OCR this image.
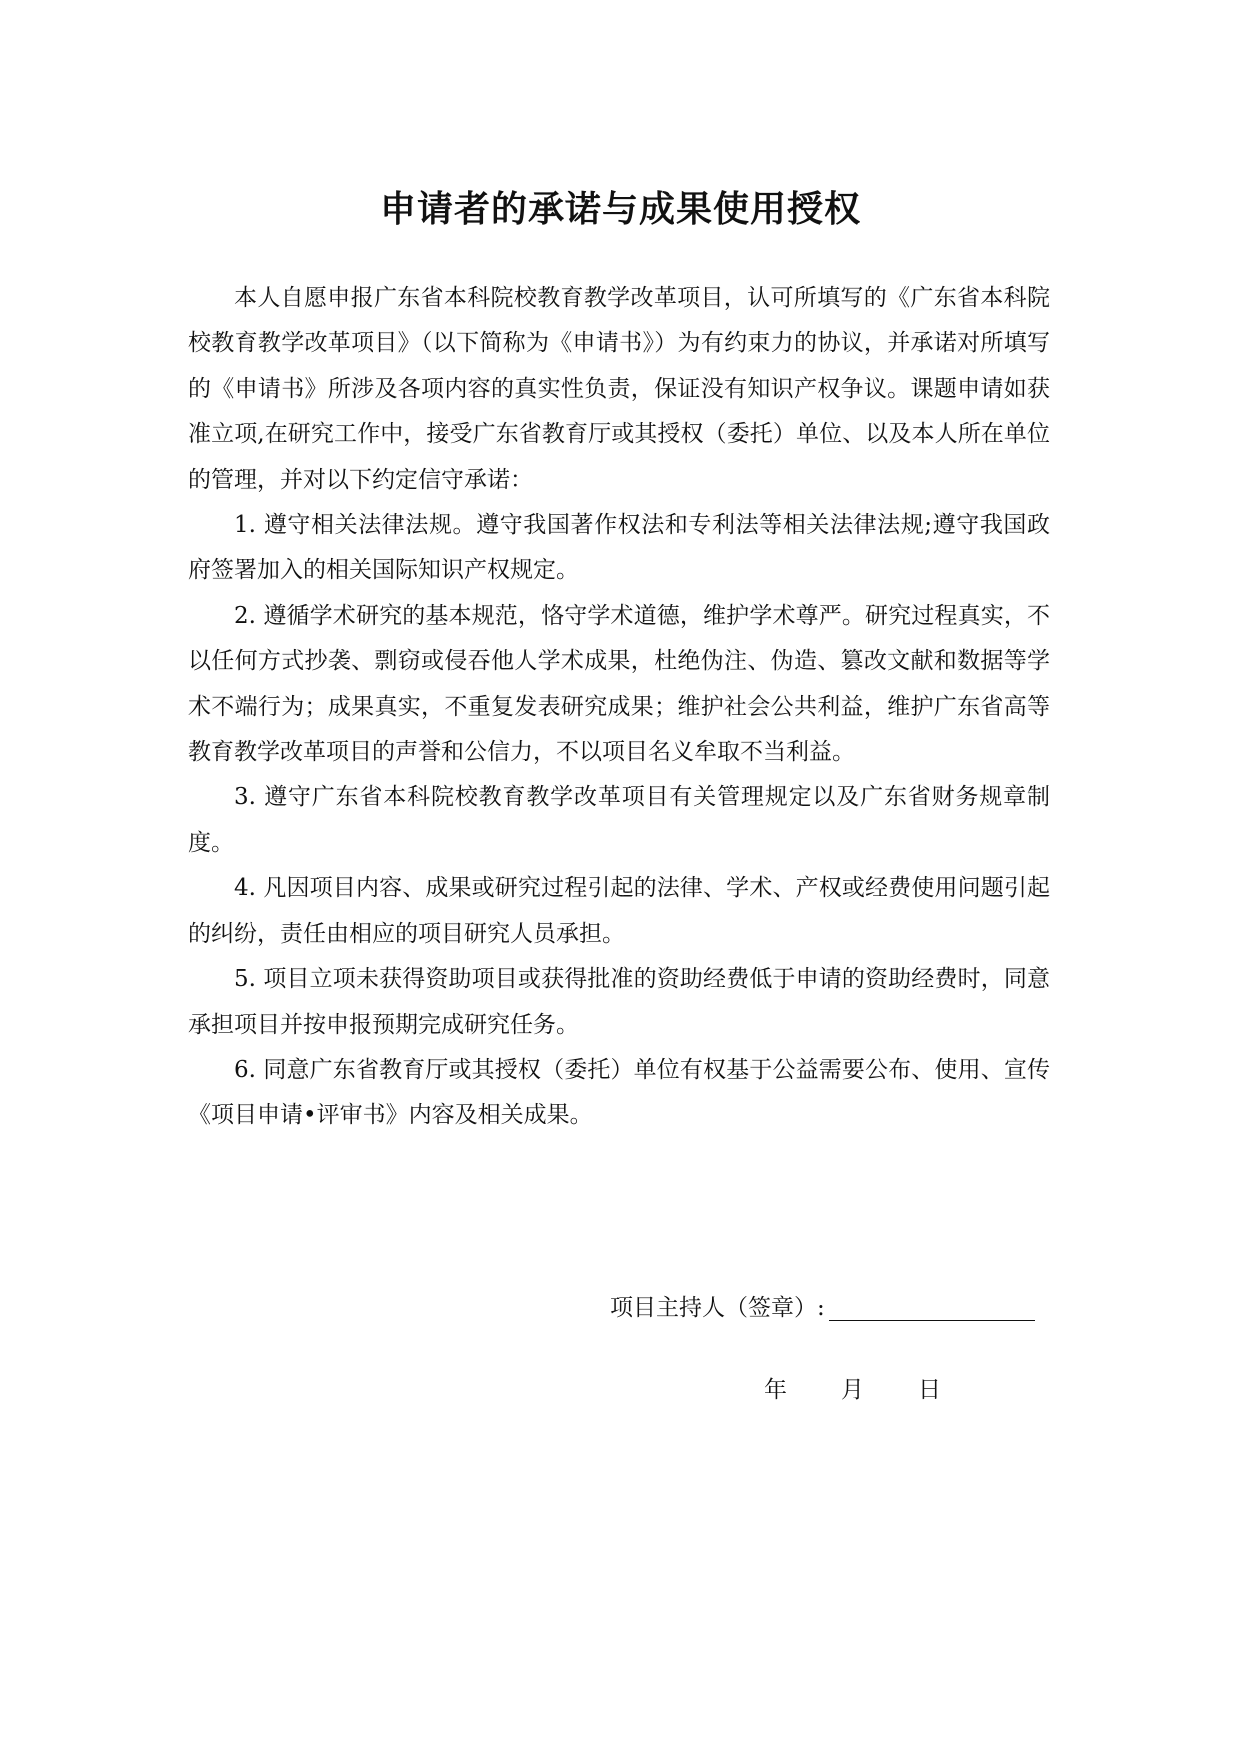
申请者的承诺与成果使用授权

本人自愿申报广东省本科院校教育教学改革项目，认可所填写的《广东省本科院校教育教学改革项目》（以下简称为《申请书》）为有约束力的协议，并承诺对所填写的《申请书》所涉及各项内容的真实性负责，保证没有知识产权争议。课题申请如获准立项,在研究工作中，接受广东省教育厅或其授权（委托）单位、以及本人所在单位的管理，并对以下约定信守承诺：

1. 遵守相关法律法规。遵守我国著作权法和专利法等相关法律法规;遵守我国政府签署加入的相关国际知识产权规定。

2. 遵循学术研究的基本规范，恪守学术道德，维护学术尊严。研究过程真实，不以任何方式抄袭、剽窃或侵吞他人学术成果，杜绝伪注、伪造、篡改文献和数据等学术不端行为；成果真实，不重复发表研究成果；维护社会公共利益，维护广东省高等教育教学改革项目的声誉和公信力，不以项目名义牟取不当利益。

3. 遵守广东省本科院校教育教学改革项目有关管理规定以及广东省财务规章制度。

4. 凡因项目内容、成果或研究过程引起的法律、学术、产权或经费使用问题引起的纠纷，责任由相应的项目研究人员承担。

5. 项目立项未获得资助项目或获得批准的资助经费低于申请的资助经费时，同意承担项目并按申报预期完成研究任务。

6. 同意广东省教育厅或其授权（委托）单位有权基于公益需要公布、使用、宣传《项目申请•评审书》内容及相关成果。

项目主持人（签章）:
年 月 日
